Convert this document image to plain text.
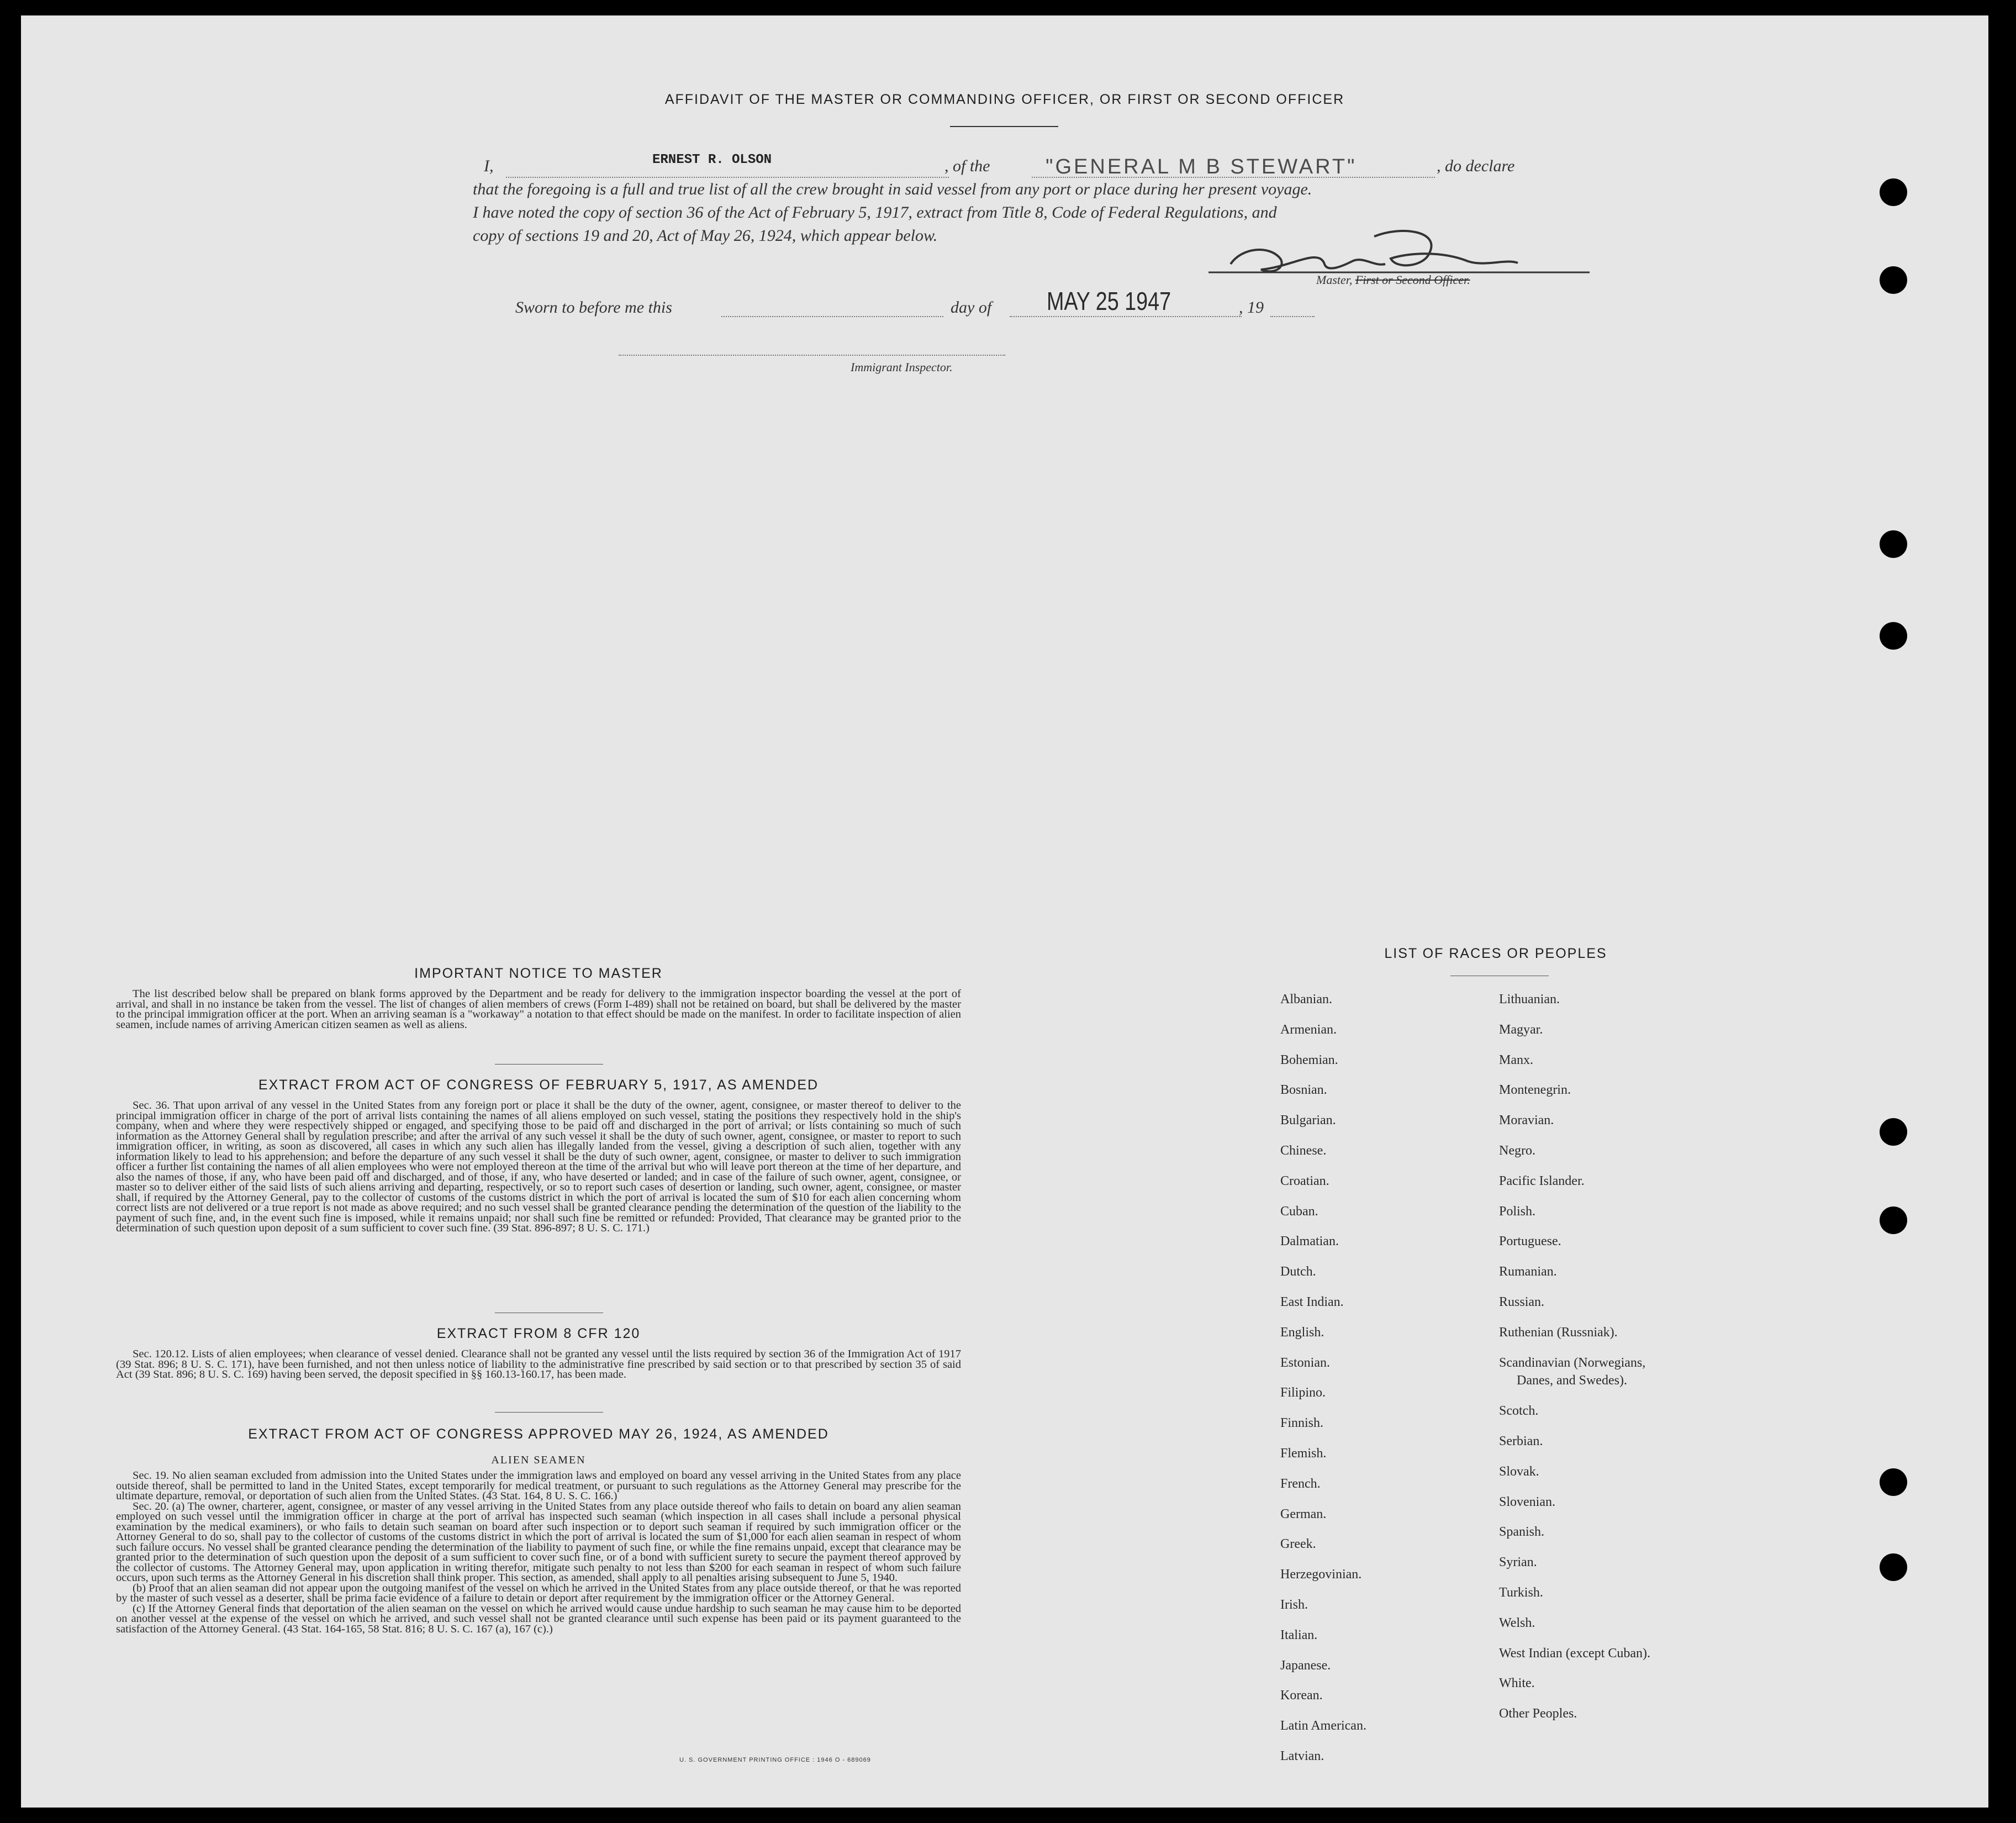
AFFIDAVIT OF THE MASTER OR COMMANDING OFFICER, OR FIRST OR SECOND OFFICER
I,	ERNEST R. OLSON	, of the	"GENERAL M B STEWART"	, do declare
that the foregoing is a full and true list of all the crew brought in said vessel from any port or place during her present voyage.
I have noted the copy of section 36 of the Act of February 5, 1917, extract from Title 8, Code of Federal Regulations, and
copy of sections 19 and 20, Act of May 26, 1924, which appear below.
Master, First or Second Officer.
Sworn to before me this	day of MAY 25 1947	, 19
Immigrant Inspector.
IMPORTANT NOTICE TO MASTER

The list described below shall be prepared on blank forms approved by the Department and be ready for delivery to the immigration inspector boarding the vessel at the port of arrival, and shall in no instance be taken from the vessel. The list of changes of alien members of crews (Form I-489) shall not be retained on board, but shall be delivered by the master to the principal immigration officer at the port. When an arriving seaman is a "workaway" a notation to that effect should be made on the manifest. In order to facilitate inspection of alien seamen, include names of arriving American citizen seamen as well as aliens.

EXTRACT FROM ACT OF CONGRESS OF FEBRUARY 5, 1917, AS AMENDED

Sec. 36. That upon arrival of any vessel in the United States from any foreign port or place it shall be the duty of the owner, agent, consignee, or master thereof to deliver to the principal immigration officer in charge of the port of arrival lists containing the names of all aliens employed on such vessel, stating the positions they respectively hold in the ship's company, when and where they were respectively shipped or engaged, and specifying those to be paid off and discharged in the port of arrival; or lists containing so much of such information as the Attorney General shall by regulation prescribe; and after the arrival of any such vessel it shall be the duty of such owner, agent, consignee, or master to report to such immigration officer, in writing, as soon as discovered, all cases in which any such alien has illegally landed from the vessel, giving a description of such alien, together with any information likely to lead to his apprehension; and before the departure of any such vessel it shall be the duty of such owner, agent, consignee, or master to deliver to such immigration officer a further list containing the names of all alien employees who were not employed thereon at the time of the arrival but who will leave port thereon at the time of her departure, and also the names of those, if any, who have been paid off and discharged, and of those, if any, who have deserted or landed; and in case of the failure of such owner, agent, consignee, or master so to deliver either of the said lists of such aliens arriving and departing, respectively, or so to report such cases of desertion or landing, such owner, agent, consignee, or master shall, if required by the Attorney General, pay to the collector of customs of the customs district in which the port of arrival is located the sum of $10 for each alien concerning whom correct lists are not delivered or a true report is not made as above required; and no such vessel shall be granted clearance pending the determination of the question of the liability to the payment of such fine, and, in the event such fine is imposed, while it remains unpaid; nor shall such fine be remitted or refunded: Provided, That clearance may be granted prior to the determination of such question upon deposit of a sum sufficient to cover such fine. (39 Stat. 896-897; 8 U. S. C. 171.)

EXTRACT FROM 8 CFR 120

Sec. 120.12. Lists of alien employees; when clearance of vessel denied. Clearance shall not be granted any vessel until the lists required by section 36 of the Immigration Act of 1917 (39 Stat. 896; 8 U. S. C. 171), have been furnished, and not then unless notice of liability to the administrative fine prescribed by said section or to that prescribed by section 35 of said Act (39 Stat. 896; 8 U. S. C. 169) having been served, the deposit specified in §§ 160.13-160.17, has been made.

EXTRACT FROM ACT OF CONGRESS APPROVED MAY 26, 1924, AS AMENDED
ALIEN SEAMEN

Sec. 19. No alien seaman excluded from admission into the United States under the immigration laws and employed on board any vessel arriving in the United States from any place outside thereof, shall be permitted to land in the United States, except temporarily for medical treatment, or pursuant to such regulations as the Attorney General may prescribe for the ultimate departure, removal, or deportation of such alien from the United States. (43 Stat. 164, 8 U. S. C. 166.)

Sec. 20. (a) The owner, charterer, agent, consignee, or master of any vessel arriving in the United States from any place outside thereof who fails to detain on board any alien seaman employed on such vessel until the immigration officer in charge at the port of arrival has inspected such seaman (which inspection in all cases shall include a personal physical examination by the medical examiners), or who fails to detain such seaman on board after such inspection or to deport such seaman if required by such immigration officer or the Attorney General to do so, shall pay to the collector of customs of the customs district in which the port of arrival is located the sum of $1,000 for each alien seaman in respect of whom such failure occurs. No vessel shall be granted clearance pending the determination of the liability to payment of such fine, or while the fine remains unpaid, except that clearance may be granted prior to the determination of such question upon the deposit of a sum sufficient to cover such fine, or of a bond with sufficient surety to secure the payment thereof approved by the collector of customs. The Attorney General may, upon application in writing therefor, mitigate such penalty to not less than $200 for each seaman in respect of whom such failure occurs, upon such terms as the Attorney General in his discretion shall think proper. This section, as amended, shall apply to all penalties arising subsequent to June 5, 1940.

(b) Proof that an alien seaman did not appear upon the outgoing manifest of the vessel on which he arrived in the United States from any place outside thereof, or that he was reported by the master of such vessel as a deserter, shall be prima facie evidence of a failure to detain or deport after requirement by the immigration officer or the Attorney General.

(c) If the Attorney General finds that deportation of the alien seaman on the vessel on which he arrived would cause undue hardship to such seaman he may cause him to be deported on another vessel at the expense of the vessel on which he arrived, and such vessel shall not be granted clearance until such expense has been paid or its payment guaranteed to the satisfaction of the Attorney General. (43 Stat. 164-165, 58 Stat. 816; 8 U. S. C. 167 (a), 167 (c).)

U. S. GOVERNMENT PRINTING OFFICE : 1946 O - 689069
LIST OF RACES OR PEOPLES
Albanian.
Armenian.
Bohemian.
Bosnian.
Bulgarian.
Chinese.
Croatian.
Cuban.
Dalmatian.
Dutch.
East Indian.
English.
Estonian.
Filipino.
Finnish.
Flemish.
French.
German.
Greek.
Herzegovinian.
Irish.
Italian.
Japanese.
Korean.
Latin American.
Latvian.
Lithuanian.
Magyar.
Manx.
Montenegrin.
Moravian.
Negro.
Pacific Islander.
Polish.
Portuguese.
Rumanian.
Russian.
Ruthenian (Russniak).
Scandinavian (Norwegians,
Danes, and Swedes).
Scotch.
Serbian.
Slovak.
Slovenian.
Spanish.
Syrian.
Turkish.
Welsh.
West Indian (except Cuban).
White.
Other Peoples.
